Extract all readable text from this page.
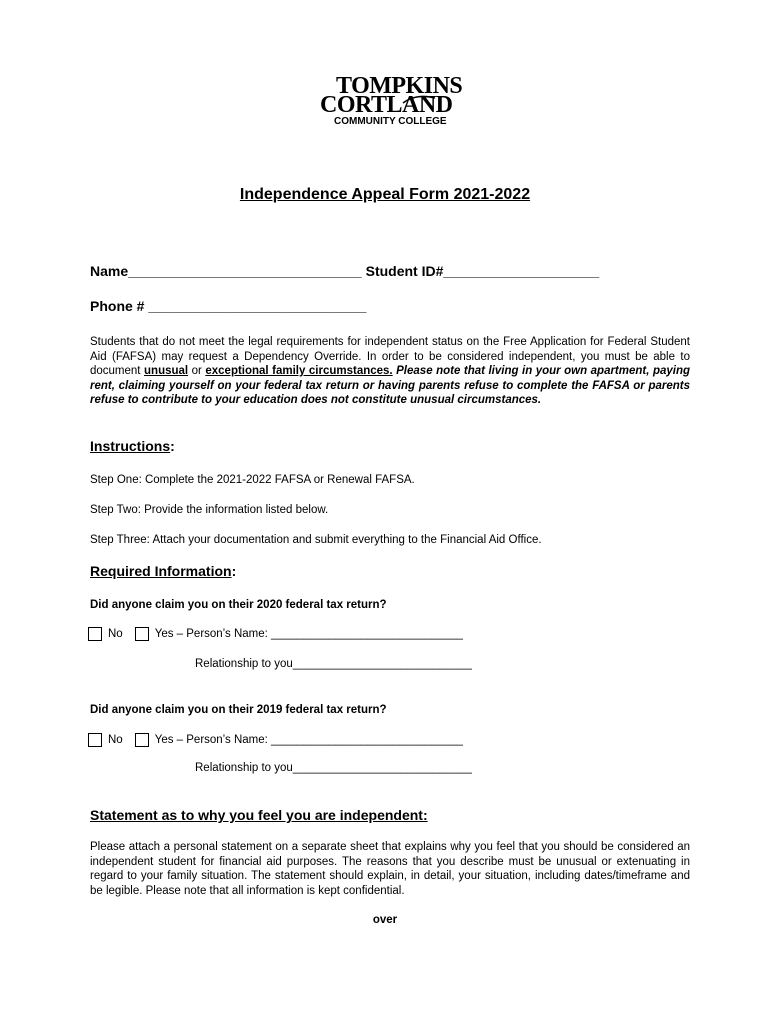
TOMPKINS
CORTLAND
COMMUNITY COLLEGE
Independence Appeal Form 2021-2022
Name______________________________ Student ID#____________________
Phone # ____________________________

Students that do not meet the legal requirements for independent status on the Free Application for Federal Student Aid (FAFSA) may request a Dependency Override. In order to be considered independent, you must be able to document unusual or exceptional family circumstances. Please note that living in your own apartment, paying rent, claiming yourself on your federal tax return or having parents refuse to complete the FAFSA or parents refuse to contribute to your education does not constitute unusual circumstances.

Instructions:
Step One: Complete the 2021-2022 FAFSA or Renewal FAFSA.
Step Two: Provide the information listed below.
Step Three: Attach your documentation and submit everything to the Financial Aid Office.
Required Information:
Did anyone claim you on their 2020 federal tax return?
No	Yes – Person’s Name: ______________________________
Relationship to you____________________________
Did anyone claim you on their 2019 federal tax return?
No	Yes – Person’s Name: ______________________________
Relationship to you____________________________
Statement as to why you feel you are independent:

Please attach a personal statement on a separate sheet that explains why you feel that you should be considered an independent student for financial aid purposes. The reasons that you describe must be unusual or extenuating in regard to your family situation. The statement should explain, in detail, your situation, including dates/timeframe and be legible. Please note that all information is kept confidential.

over
